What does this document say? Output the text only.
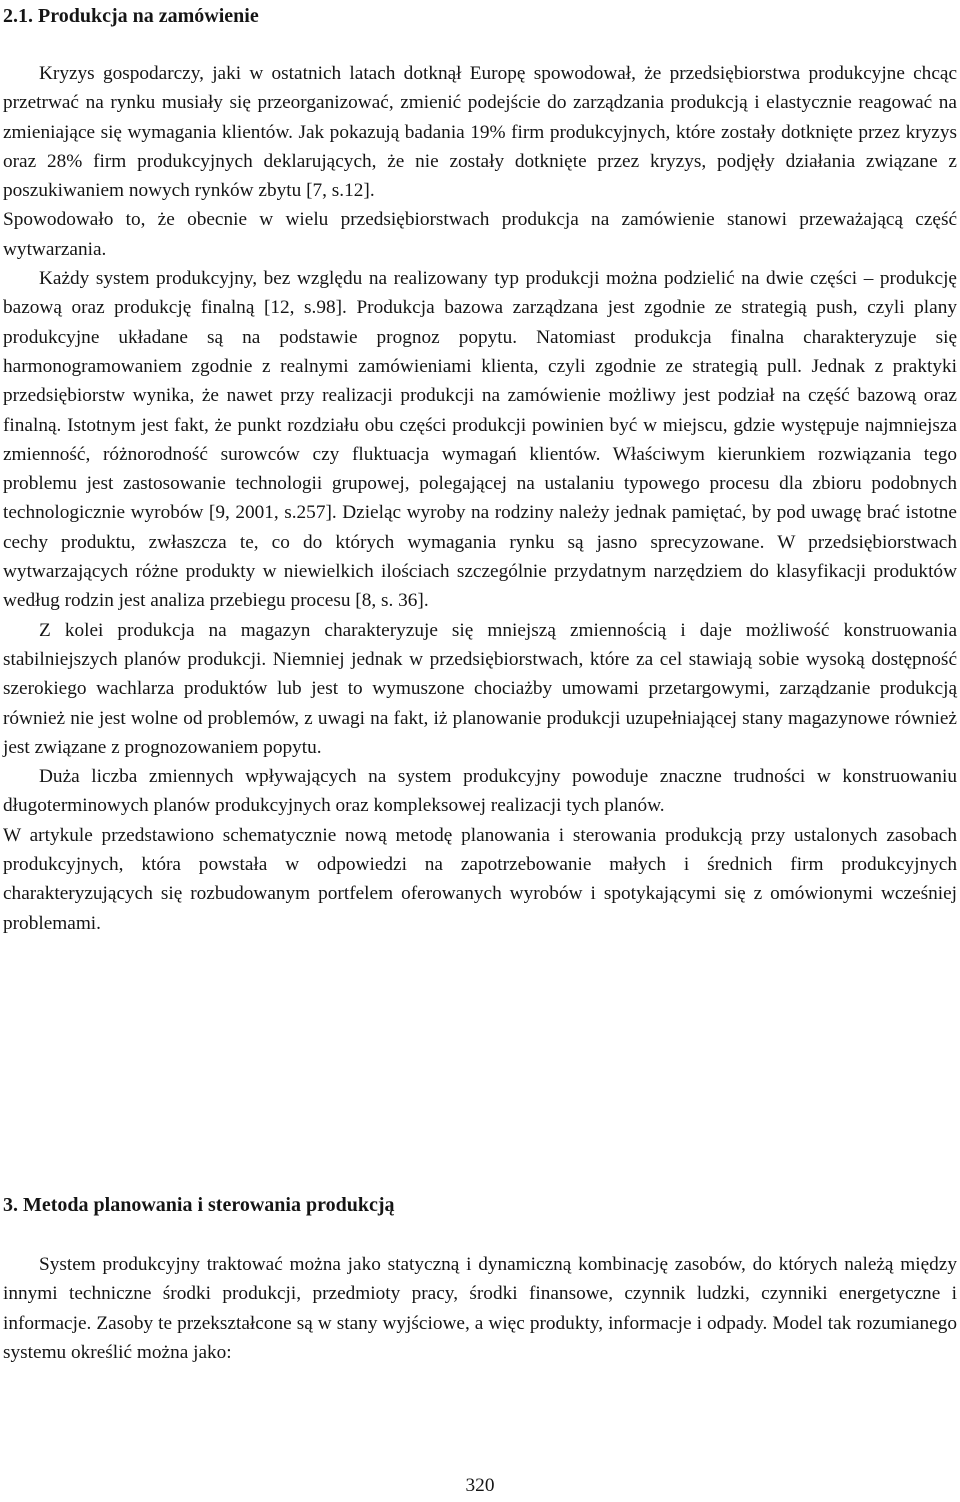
2.1. Produkcja na zamówienie

Kryzys gospodarczy, jaki w ostatnich latach dotknął Europę spowodował, że przedsiębiorstwa produkcyjne chcąc przetrwać na rynku musiały się przeorganizować, zmienić podejście do zarządzania produkcją i elastycznie reagować na zmieniające się wymagania klientów. Jak pokazują badania 19% firm produkcyjnych, które zostały dotknięte przez kryzys oraz 28% firm produkcyjnych deklarujących, że nie zostały dotknięte przez kryzys, podjęły działania związane z poszukiwaniem nowych rynków zbytu [7, s.12].

Spowodowało to, że obecnie w wielu przedsiębiorstwach produkcja na zamówienie stanowi przeważającą część wytwarzania.

Każdy system produkcyjny, bez względu na realizowany typ produkcji można podzielić na dwie części – produkcję bazową oraz produkcję finalną [12, s.98]. Produkcja bazowa zarządzana jest zgodnie ze strategią push, czyli plany produkcyjne układane są na podstawie prognoz popytu. Natomiast produkcja finalna charakteryzuje się harmonogramowaniem zgodnie z realnymi zamówieniami klienta, czyli zgodnie ze strategią pull. Jednak z praktyki przedsiębiorstw wynika, że nawet przy realizacji produkcji na zamówienie możliwy jest podział na część bazową oraz finalną. Istotnym jest fakt, że punkt rozdziału obu części produkcji powinien być w miejscu, gdzie występuje najmniejsza zmienność, różnorodność surowców czy fluktuacja wymagań klientów. Właściwym kierunkiem rozwiązania tego problemu jest zastosowanie technologii grupowej, polegającej na ustalaniu typowego procesu dla zbioru podobnych technologicznie wyrobów [9, 2001, s.257]. Dzieląc wyroby na rodziny należy jednak pamiętać, by pod uwagę brać istotne cechy produktu, zwłaszcza te, co do których wymagania rynku są jasno sprecyzowane. W przedsiębiorstwach wytwarzających różne produkty w niewielkich ilościach szczególnie przydatnym narzędziem do klasyfikacji produktów według rodzin jest analiza przebiegu procesu [8, s. 36].

Z kolei produkcja na magazyn charakteryzuje się mniejszą zmiennością i daje możliwość konstruowania stabilniejszych planów produkcji. Niemniej jednak w przedsiębiorstwach, które za cel stawiają sobie wysoką dostępność szerokiego wachlarza produktów lub jest to wymuszone chociażby umowami przetargowymi, zarządzanie produkcją również nie jest wolne od problemów, z uwagi na fakt, iż planowanie produkcji uzupełniającej stany magazynowe również jest związane z prognozowaniem popytu.

Duża liczba zmiennych wpływających na system produkcyjny powoduje znaczne trudności w konstruowaniu długoterminowych planów produkcyjnych oraz kompleksowej realizacji tych planów.

W artykule przedstawiono schematycznie nową metodę planowania i sterowania produkcją przy ustalonych zasobach produkcyjnych, która powstała w odpowiedzi na zapotrzebowanie małych i średnich firm produkcyjnych charakteryzujących się rozbudowanym portfelem oferowanych wyrobów i spotykającymi się z omówionymi wcześniej problemami.

3. Metoda planowania i sterowania produkcją

System produkcyjny traktować można jako statyczną i dynamiczną kombinację zasobów, do których należą między innymi techniczne środki produkcji, przedmioty pracy, środki finansowe, czynnik ludzki, czynniki energetyczne i informacje. Zasoby te przekształcone są w stany wyjściowe, a więc produkty, informacje i odpady. Model tak rozumianego systemu określić można jako:

320
